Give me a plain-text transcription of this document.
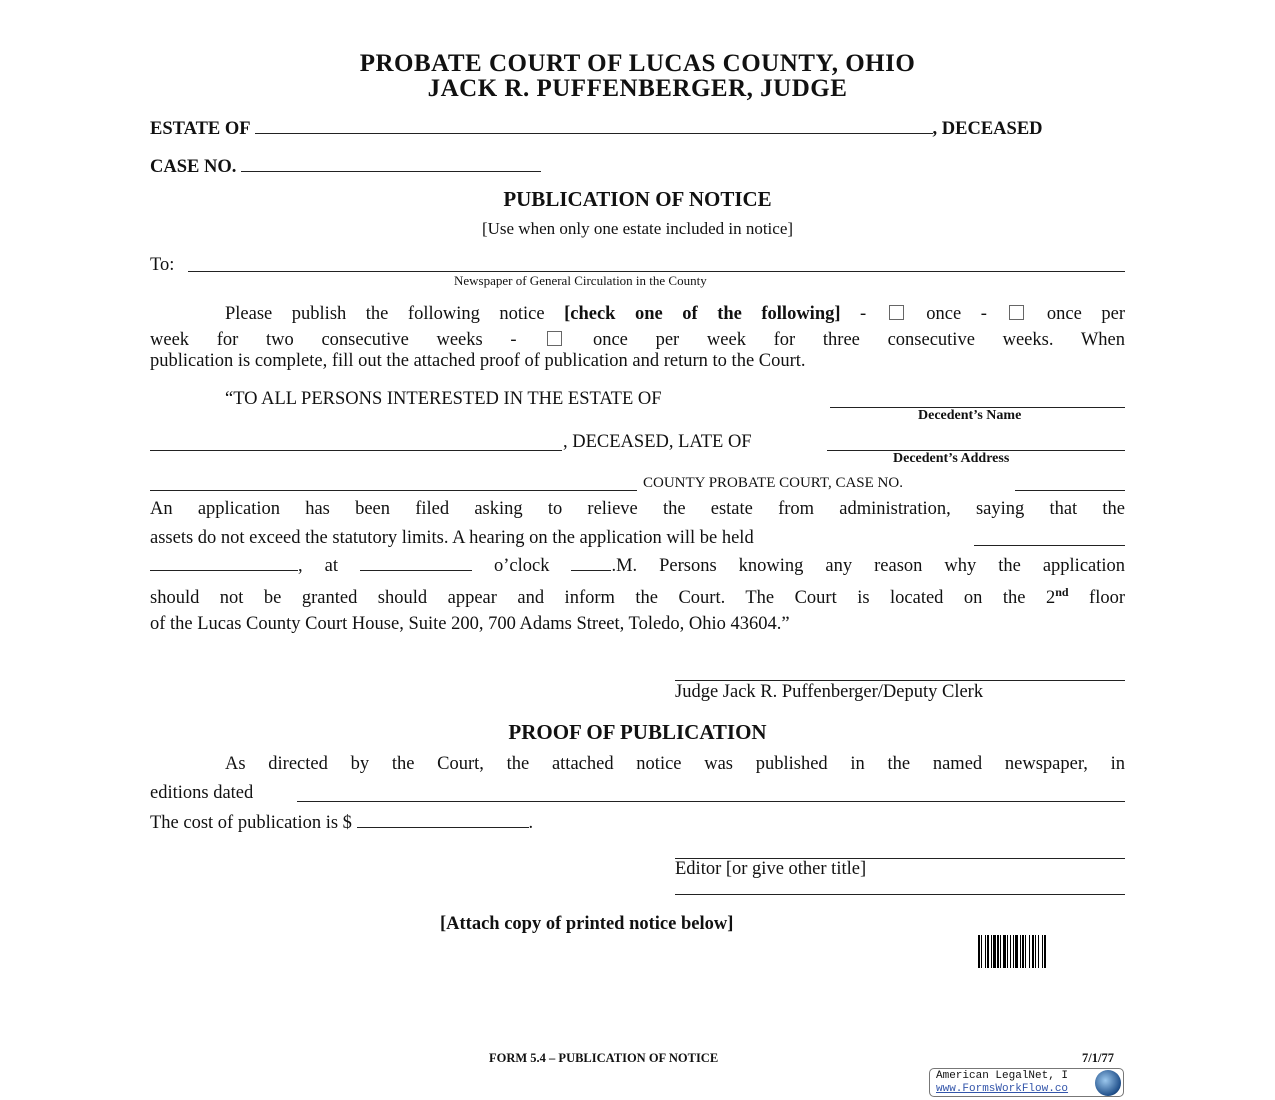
PROBATE COURT OF LUCAS COUNTY, OHIO
JACK R. PUFFENBERGER, JUDGE
ESTATE OF	, DECEASED
CASE NO.
PUBLICATION OF NOTICE
[Use when only one estate included in notice]
To:
Newspaper of General Circulation in the County
Please publish the following notice [check one of the following] -  once -  once per
week for two consecutive weeks -  once per week for three consecutive weeks. When
publication is complete, fill out the attached proof of publication and return to the Court.
“TO ALL PERSONS INTERESTED IN THE ESTATE OF
Decedent’s Name
, DECEASED, LATE OF
Decedent’s Address
COUNTY PROBATE COURT, CASE NO.
An application has been filed asking to relieve the estate from administration, saying that the
assets do not exceed the statutory limits. A hearing on the application will be held
, at	o’clock	.M. Persons knowing any reason why the application
should not be granted should appear and inform the Court. The Court is located on the 2nd floor
of the Lucas County Court House, Suite 200, 700 Adams Street, Toledo, Ohio 43604.”
Judge Jack R. Puffenberger/Deputy Clerk
PROOF OF PUBLICATION
As directed by the Court, the attached notice was published in the named newspaper, in
editions dated
The cost of publication is $	.
Editor [or give other title]
[Attach copy of printed notice below]
FORM 5.4 – PUBLICATION OF NOTICE	7/1/77
American LegalNet, I
www.FormsWorkFlow.co
